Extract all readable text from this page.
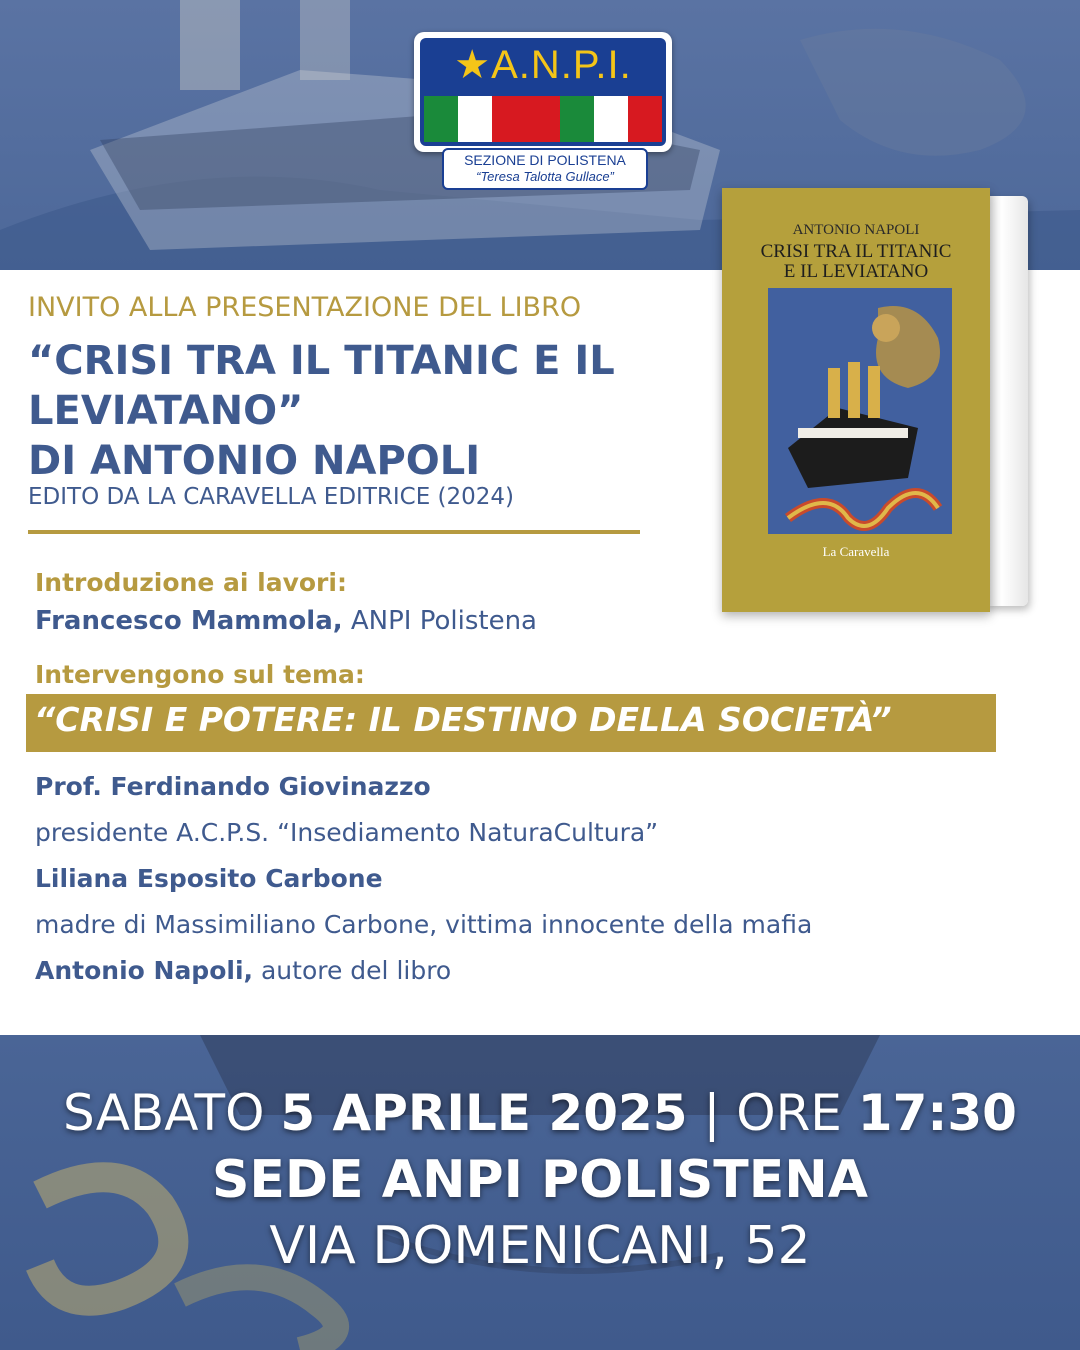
★A.N.P.I.
SEZIONE DI POLISTENA
“Teresa Talotta Gullace”
ANTONIO NAPOLI
CRISI TRA IL TITANIC
E IL LEVIATANO
La Caravella

INVITO ALLA PRESENTAZIONE DEL LIBRO

“CRISI TRA IL TITANIC E IL
LEVIATANO”
DI ANTONIO NAPOLI

EDITO DA LA CARAVELLA EDITRICE (2024)

Introduzione ai lavori:

Francesco Mammola, ANPI Polistena

Intervengono sul tema:

“CRISI E POTERE: IL DESTINO DELLA SOCIETÀ”

Prof. Ferdinando Giovinazzo

presidente A.C.P.S. “Insediamento NaturaCultura”

Liliana Esposito Carbone

madre di Massimiliano Carbone, vittima innocente della mafia

Antonio Napoli, autore del libro

SABATO 5 APRILE 2025 | ORE 17:30

SEDE ANPI POLISTENA

VIA DOMENICANI, 52
